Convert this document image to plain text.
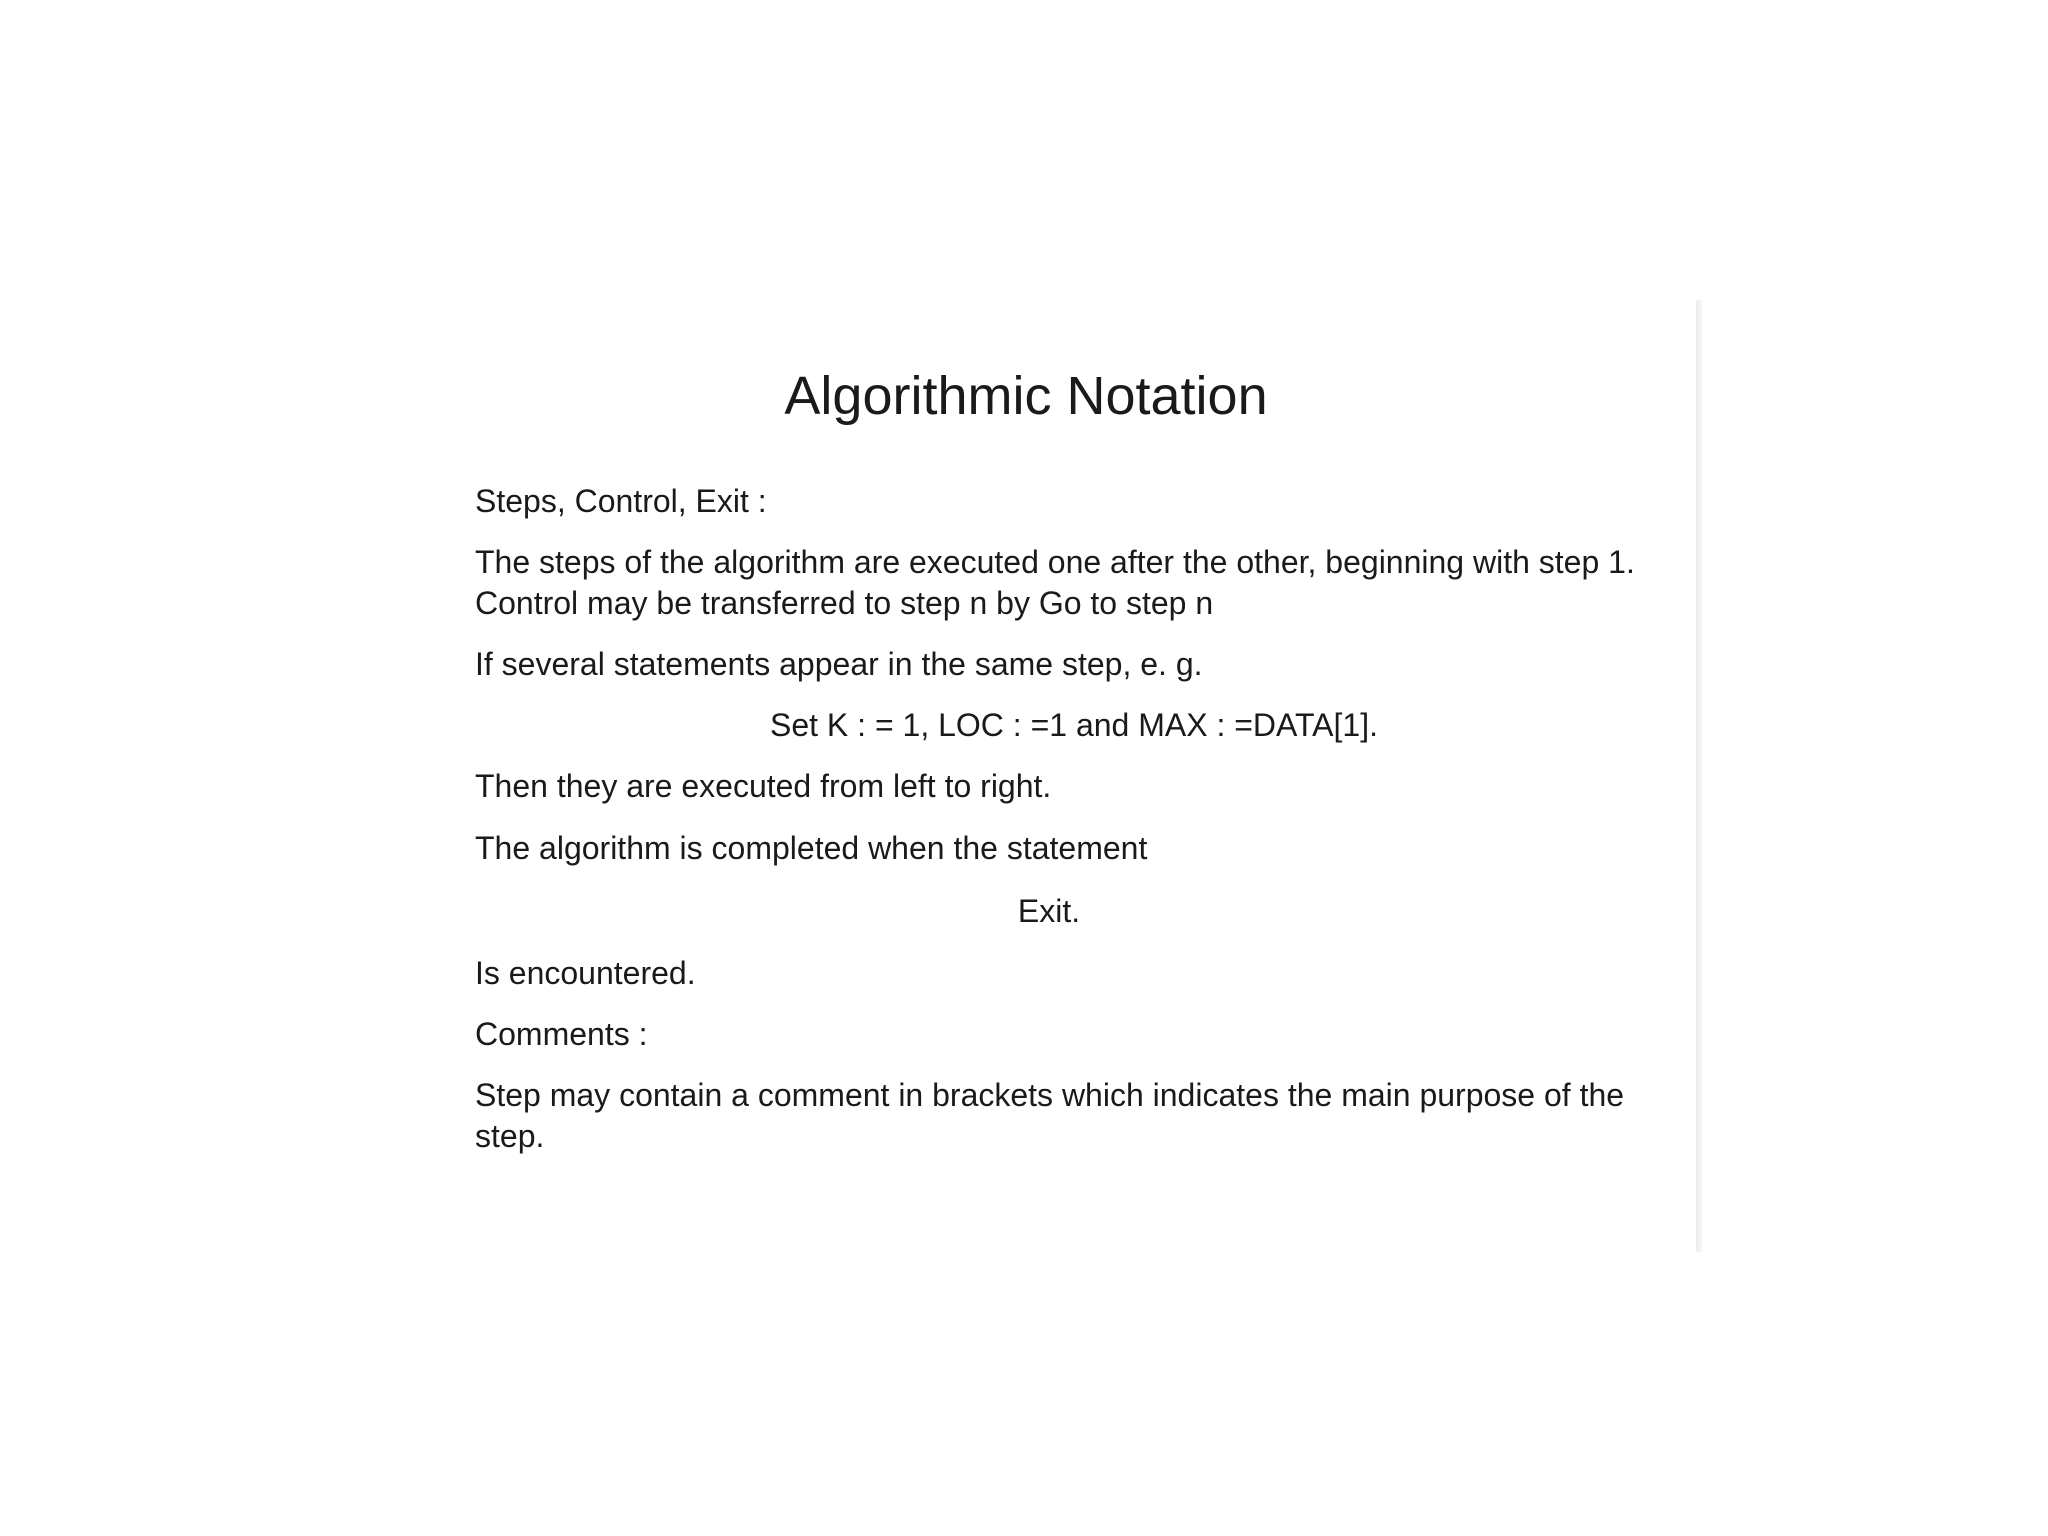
Algorithmic Notation

Steps, Control, Exit :

The steps of the algorithm are executed one after the other, beginning with step 1. Control may be transferred to step n by Go to step n

If several statements appear in the same step, e. g.

Set K : = 1, LOC : =1 and MAX : =DATA[1].

Then they are executed from left to right.

The algorithm is completed when the statement

Exit.

Is encountered.

Comments :

Step may contain a comment in brackets which indicates the main purpose of the step.
